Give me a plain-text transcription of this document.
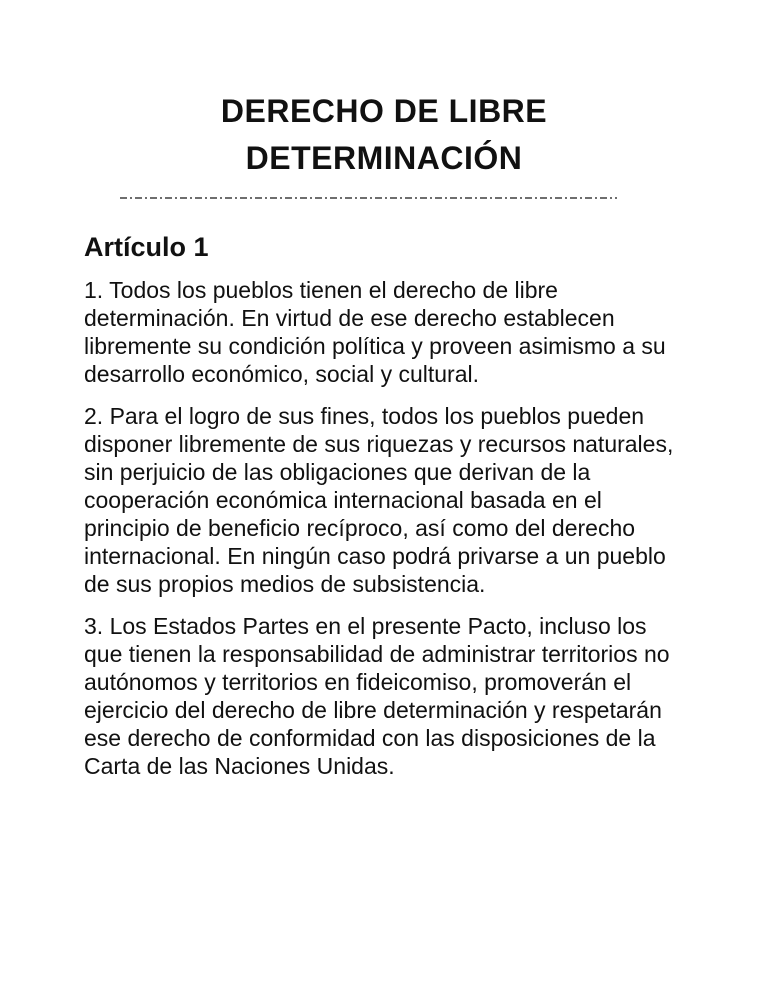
DERECHO DE LIBRE
DETERMINACIÓN
Artículo 1
1. Todos los pueblos tienen el derecho de libre
determinación. En virtud de ese derecho establecen
libremente su condición política y proveen asimismo a su
desarrollo económico, social y cultural.
2. Para el logro de sus fines, todos los pueblos pueden
disponer libremente de sus riquezas y recursos naturales,
sin perjuicio de las obligaciones que derivan de la
cooperación económica internacional basada en el
principio de beneficio recíproco, así como del derecho
internacional. En ningún caso podrá privarse a un pueblo
de sus propios medios de subsistencia.
3. Los Estados Partes en el presente Pacto, incluso los
que tienen la responsabilidad de administrar territorios no
autónomos y territorios en fideicomiso, promoverán el
ejercicio del derecho de libre determinación y respetarán
ese derecho de conformidad con las disposiciones de la
Carta de las Naciones Unidas.
